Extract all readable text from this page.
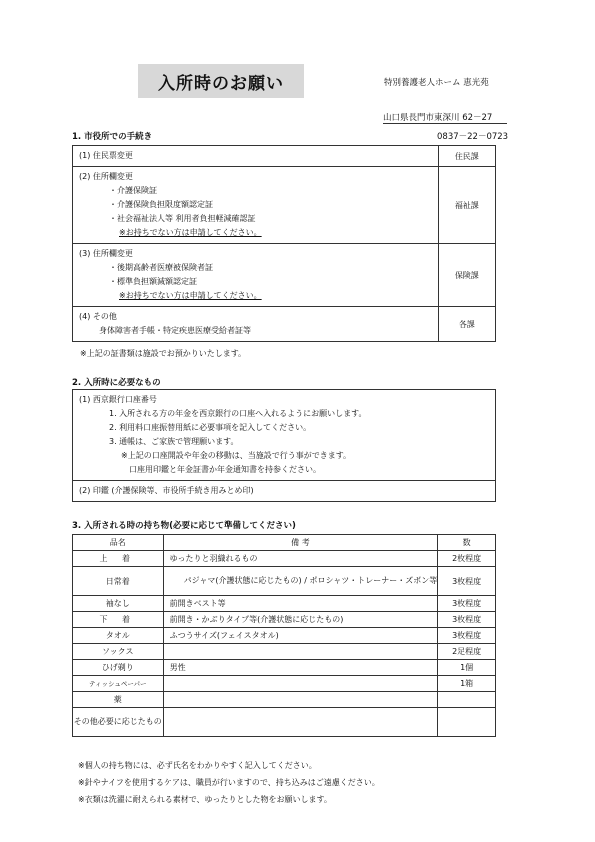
入所時のお願い	特別養護老人ホーム 恵光苑
山口県長門市東深川 62－27
1. 市役所での手続き	0837－22－0723
(1) 住民票変更	住民課

(2) 住所欄変更
・介護保険証
・介護保険負担限度額認定証
・社会福祉法人等 利用者負担軽減確認証
※お持ちでない方は申請してください。	福祉課

(3) 住所欄変更
・後期高齢者医療被保険者証
・標準負担額減額認定証
※お持ちでない方は申請してください。	保険課

(4) その他
身体障害者手帳・特定疾患医療受給者証等	各課
※上記の証書類は施設でお預かりいたします。
2. 入所時に必要なもの
(1) 西京銀行口座番号
1. 入所される方の年金を西京銀行の口座へ入れるようにお願いします。
2. 利用料口座振替用紙に必要事項を記入してください。
3. 通帳は、ご家族で管理願います。
※上記の口座開設や年金の移動は、当施設で行う事ができます。
口座用印鑑と年金証書か年金通知書を持参ください。

(2) 印鑑 (介護保険等、市役所手続き用みとめ印)
3. 入所される時の持ち物(必要に応じて準備してください)
品名	備 考	数
上 着	ゆったりと羽織れるもの	2枚程度
日常着	パジャマ(介護状態に応じたもの) / ポロシャツ・トレーナー・ズボン等	3枚程度
袖なし	前開きベスト等	3枚程度
下 着	前開き・かぶりタイプ等(介護状態に応じたもの)	3枚程度
タオル	ふつうサイズ(フェイスタオル)	3枚程度
ソックス		2足程度
ひげ剃り	男性	1個
ティッシュペーパー		1箱
薬		
その他必要に応じたもの		
※個人の持ち物には、必ず氏名をわかりやすく記入してください。
※針やナイフを使用するケアは、職員が行いますので、持ち込みはご遠慮ください。
※衣類は洗濯に耐えられる素材で、ゆったりとした物をお願いします。
